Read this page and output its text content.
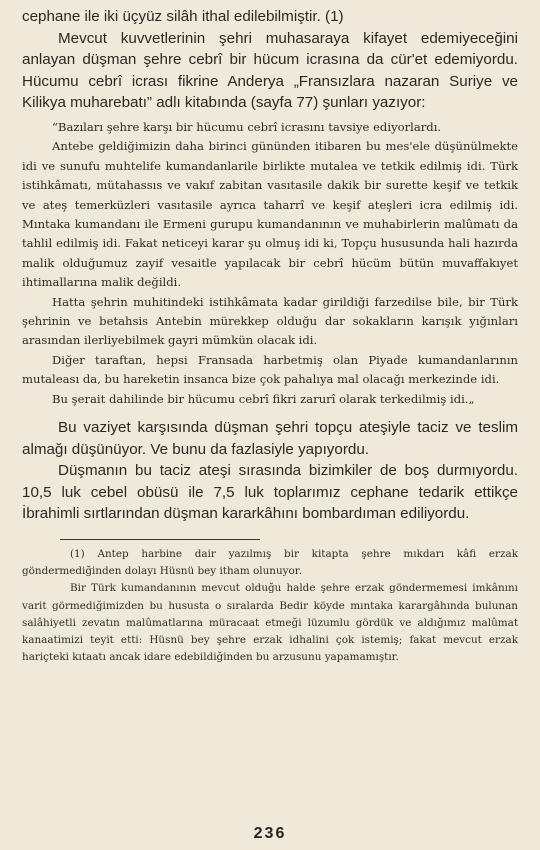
cephane ile iki üçyüz silâh ithal edilebilmiştir. (1)

Mevcut kuvvetlerinin şehri muhasaraya kifayet edemiyeceğini anlayan düşman şehre cebrî bir hücum icrasına da cür'et edemiyordu. Hücumu cebrî icrası fikrine Anderya „Fransızlara nazaran Suriye ve Kilikya muharebatı” adlı kitabında (sayfa 77) şunları yazıyor:

“Bazıları şehre karşı bir hücumu cebrî icrasını tavsiye ediyorlardı.

Antebe geldiğimizin daha birinci gününden itibaren bu mes'ele düşünülmekte idi ve sunufu muhtelife kumandanlarile birlikte mutalea ve tetkik edilmiş idi. Türk istihkâmatı, mütahassıs ve vakıf zabitan vasıtasile dakik bir surette keşif ve tetkik ve ateş temerküzleri vasıtasile ayrıca taharrî ve keşif ateşleri icra edilmiş idi. Mıntaka kumandanı ile Ermeni gurupu kumandanının ve muhabirlerin malûmatı da tahlil edilmiş idi. Fakat neticeyi karar şu olmuş idi ki, Topçu hususunda hali hazırda malik olduğumuz zayif vesaitle yapılacak bir cebrî hücüm bütün muvaffakıyet ihtimallarına malik değildi.

Hatta şehrin muhitindeki istihkâmata kadar girildiği farzedilse bile, bir Türk şehrinin ve betahsis Antebin mürekkep olduğu dar sokakların karışık yığınları arasından ilerliyebilmek gayri mümkün olacak idi.

Diğer taraftan, hepsi Fransada harbetmiş olan Piyade kumandanlarının mutaleası da, bu hareketin insanca bize çok pahalıya mal olacağı merkezinde idi.

Bu şerait dahilinde bir hücumu cebrî fikri zarurî olarak terkedilmiş idi.„

Bu vaziyet karşısında düşman şehri topçu ateşiyle taciz ve teslim almağı düşünüyor. Ve bunu da fazlasiyle yapıyordu.

Düşmanın bu taciz ateşi sırasında bizimkiler de boş durmıyordu. 10,5 luk cebel obüsü ile 7,5 luk toplarımız cephane tedarik ettikçe İbrahimli sırtlarından düşman kararkâhını bombardıman ediliyordu.

(1) Antep harbine dair yazılmış bir kitapta şehre mıkdarı kâfi erzak göndermediğinden dolayı Hüsnü bey itham olunuyor.

Bir Türk kumandanının mevcut olduğu halde şehre erzak göndermemesi imkânını varit görmediğimizden bu hususta o sıralarda Bedir köyde mıntaka karargâhında bulunan salâhiyetli zevatın malûmatlarına müracaat etmeği lüzumlu gördük ve aldığımız malûmat kanaatimizi teyit etti: Hüsnü bey şehre erzak idhalini çok istemiş; fakat mevcut erzak hariçteki kıtaatı ancak idare edebildiğinden bu arzusunu yapamamıştır.

236
